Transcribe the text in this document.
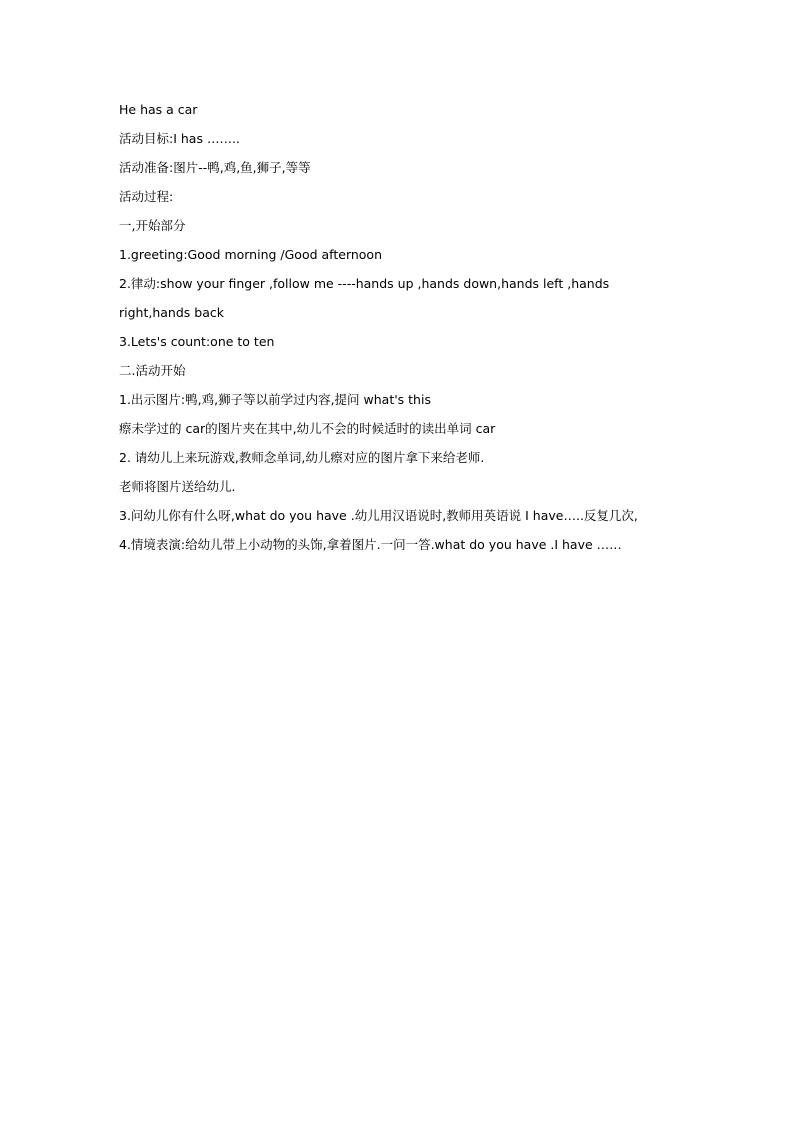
He has a car
活动目标:I has ……..
活动准备:图片--鸭,鸡,鱼,狮子,等等
活动过程:
一,开始部分
1.greeting:Good morning /Good afternoon
2.律动:show your finger ,follow me ----hands up ,hands down,hands left ,hands
right,hands back
3.Lets's count:one to ten
二.活动开始
1.出示图片:鸭,鸡,狮子等以前学过内容,提问 what's this
瘵未学过的 car的图片夹在其中,幼儿不会的时候适时的读出单词 car
2. 请幼儿上来玩游戏,教师念单词,幼儿瘵对应的图片拿下来给老师.
老师将图片送给幼儿.
3.问幼儿你有什么呀,what do you have .幼儿用汉语说时,教师用英语说 I have…..反复几次,
4.情境表演:给幼儿带上小动物的头饰,拿着图片.一问一答.what do you have .I have ……
